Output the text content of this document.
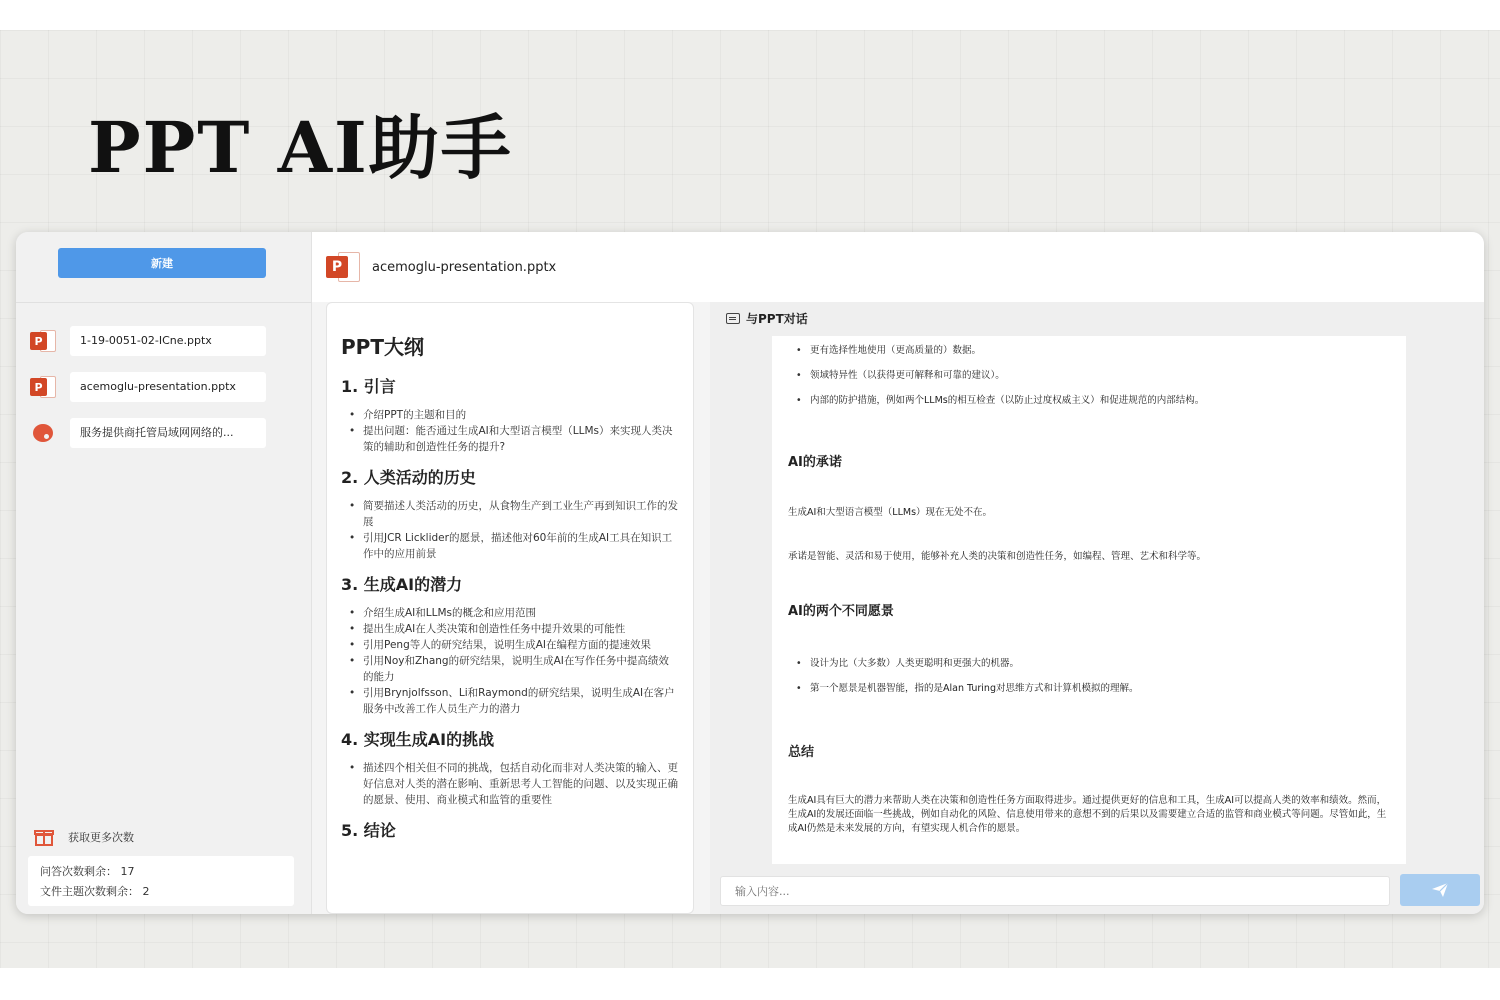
PPT AI助手
新建
P	1-19-0051-02-ICne.pptx
P	acemoglu-presentation.pptx
服务提供商托管局域网网络的...
获取更多次数
问答次数剩余： 17
文件主题次数剩余： 2
P	acemoglu-presentation.pptx
PPT大纲
1. 引言
• 介绍PPT的主题和目的
• 提出问题：能否通过生成AI和大型语言模型（LLMs）来实现人类决策的辅助和创造性任务的提升?
2. 人类活动的历史
• 简要描述人类活动的历史，从食物生产到工业生产再到知识工作的发展
• 引用JCR Licklider的愿景，描述他对60年前的生成AI工具在知识工作中的应用前景
3. 生成AI的潜力
• 介绍生成AI和LLMs的概念和应用范围
• 提出生成AI在人类决策和创造性任务中提升效果的可能性
• 引用Peng等人的研究结果，说明生成AI在编程方面的提速效果
• 引用Noy和Zhang的研究结果，说明生成AI在写作任务中提高绩效的能力
• 引用Brynjolfsson、Li和Raymond的研究结果，说明生成AI在客户服务中改善工作人员生产力的潜力
4. 实现生成AI的挑战
• 描述四个相关但不同的挑战，包括自动化而非对人类决策的输入、更好信息对人类的潜在影响、重新思考人工智能的问题、以及实现正确的愿景、使用、商业模式和监管的重要性
5. 结论
与PPT对话
• 更有选择性地使用（更高质量的）数据。
• 领域特异性（以获得更可解释和可靠的建议）。
• 内部的防护措施，例如两个LLMs的相互检查（以防止过度权威主义）和促进规范的内部结构。
AI的承诺
生成AI和大型语言模型（LLMs）现在无处不在。
承诺是智能、灵活和易于使用，能够补充人类的决策和创造性任务，如编程、管理、艺术和科学等。
AI的两个不同愿景
• 设计为比（大多数）人类更聪明和更强大的机器。
• 第一个愿景是机器智能，指的是Alan Turing对思维方式和计算机模拟的理解。
总结
生成AI具有巨大的潜力来帮助人类在决策和创造性任务方面取得进步。通过提供更好的信息和工具，生成AI可以提高人类的效率和绩效。然而，生成AI的发展还面临一些挑战，例如自动化的风险、信息使用带来的意想不到的后果以及需要建立合适的监管和商业模式等问题。尽管如此，生成AI仍然是未来发展的方向，有望实现人机合作的愿景。
输入内容...
